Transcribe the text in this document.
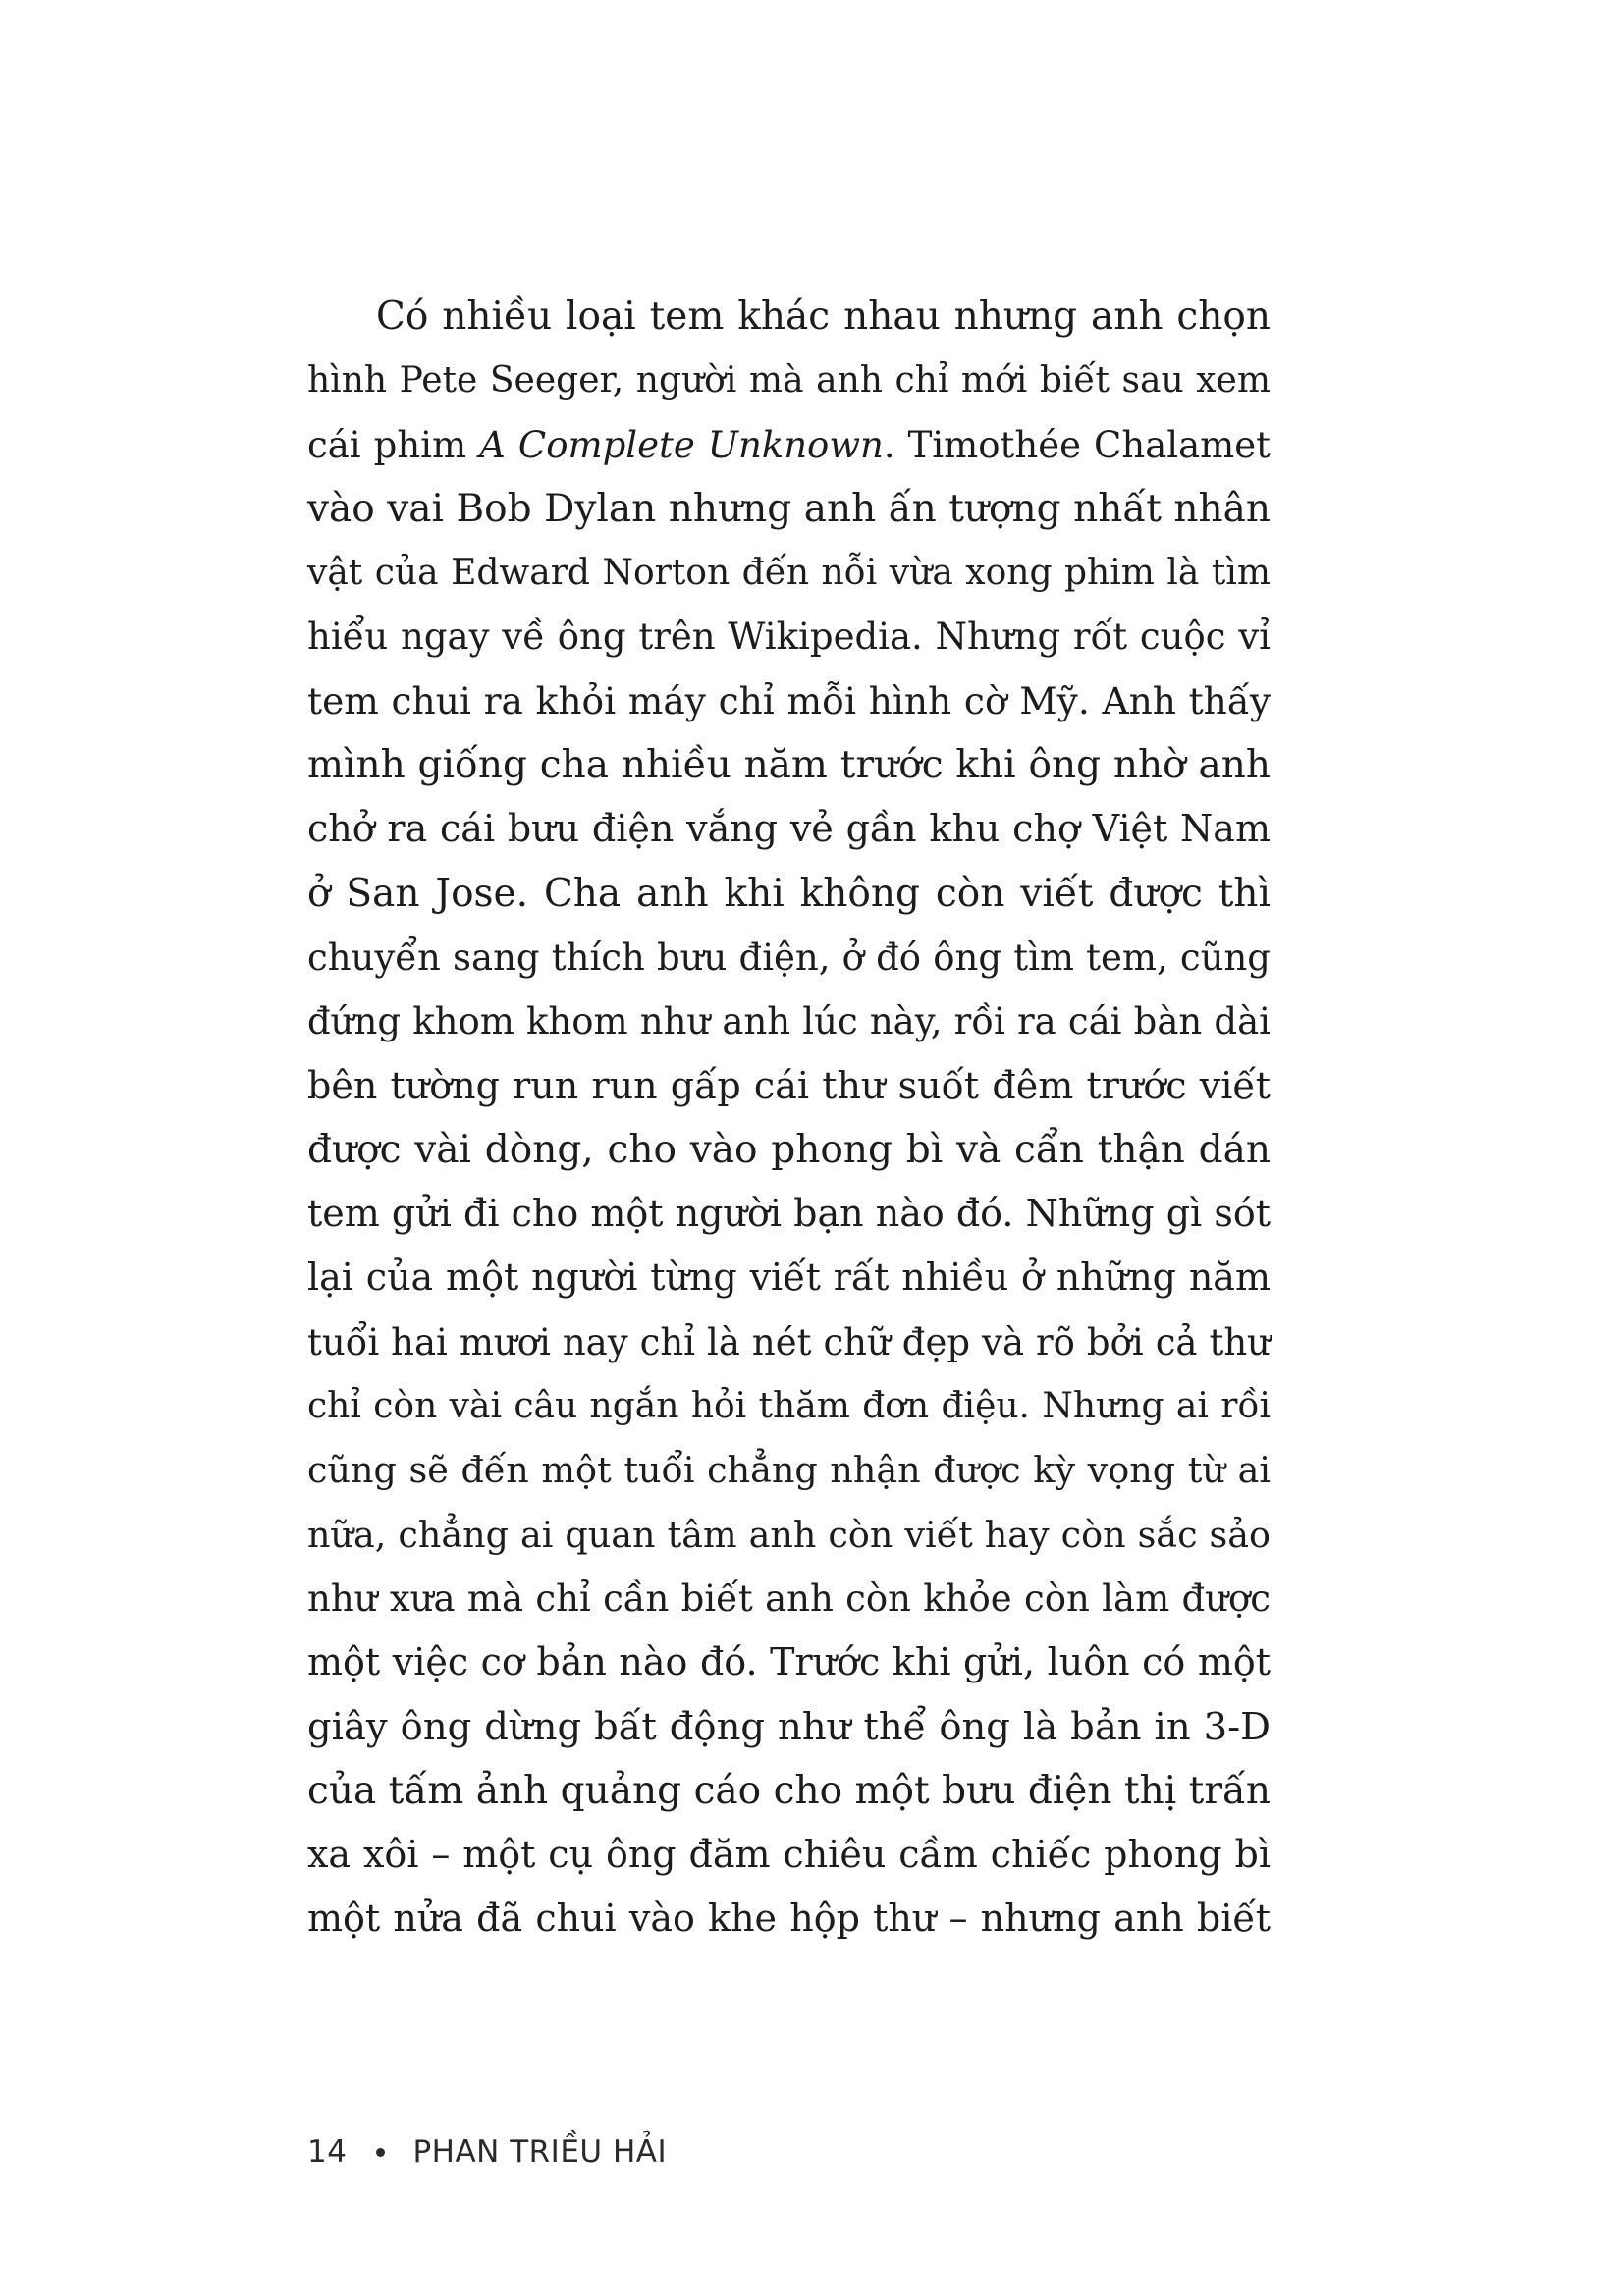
Có nhiều loại tem khác nhau nhưng anh chọn
hình Pete Seeger, người mà anh chỉ mới biết sau xem
cái phim A Complete Unknown. Timothée Chalamet
vào vai Bob Dylan nhưng anh ấn tượng nhất nhân
vật của Edward Norton đến nỗi vừa xong phim là tìm
hiểu ngay về ông trên Wikipedia. Nhưng rốt cuộc vỉ
tem chui ra khỏi máy chỉ mỗi hình cờ Mỹ. Anh thấy
mình giống cha nhiều năm trước khi ông nhờ anh
chở ra cái bưu điện vắng vẻ gần khu chợ Việt Nam
ở San Jose. Cha anh khi không còn viết được thì
chuyển sang thích bưu điện, ở đó ông tìm tem, cũng
đứng khom khom như anh lúc này, rồi ra cái bàn dài
bên tường run run gấp cái thư suốt đêm trước viết
được vài dòng, cho vào phong bì và cẩn thận dán
tem gửi đi cho một người bạn nào đó. Những gì sót
lại của một người từng viết rất nhiều ở những năm
tuổi hai mươi nay chỉ là nét chữ đẹp và rõ bởi cả thư
chỉ còn vài câu ngắn hỏi thăm đơn điệu. Nhưng ai rồi
cũng sẽ đến một tuổi chẳng nhận được kỳ vọng từ ai
nữa, chẳng ai quan tâm anh còn viết hay còn sắc sảo
như xưa mà chỉ cần biết anh còn khỏe còn làm được
một việc cơ bản nào đó. Trước khi gửi, luôn có một
giây ông dừng bất động như thể ông là bản in 3-D
của tấm ảnh quảng cáo cho một bưu điện thị trấn
xa xôi – một cụ ông đăm chiêu cầm chiếc phong bì
một nửa đã chui vào khe hộp thư – nhưng anh biết

14 PHAN TRIỀU HẢI
